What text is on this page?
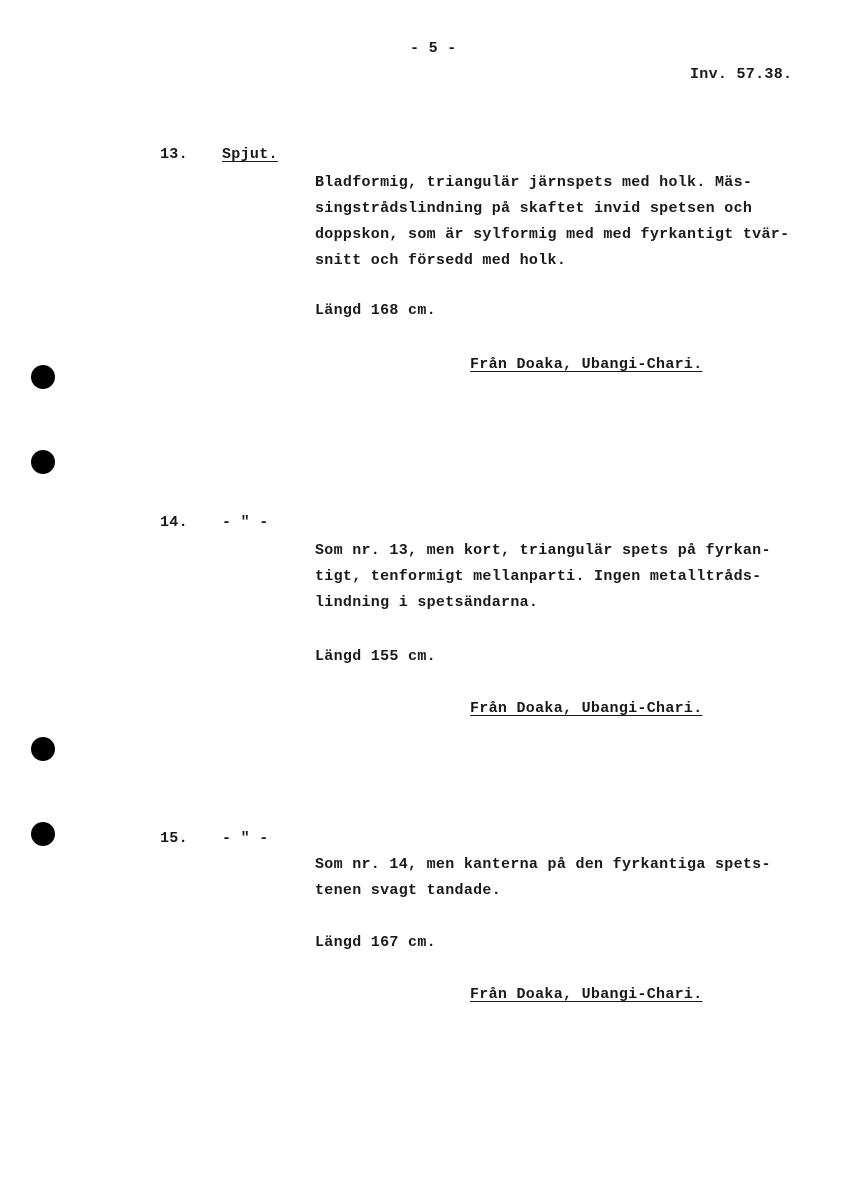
- 5 -
Inv. 57.38.
13. Spjut.
Bladformig, triangulär järnspets med holk. Mäs-
singstrådslindning på skaftet invid spetsen och
doppskon, som är sylformig med med fyrkantigt tvär-
snitt och försedd med holk.
Längd 168 cm.
Från Doaka, Ubangi-Chari.
14. - " -
Som nr. 13, men kort, triangulär spets på fyrkan-
tigt, tenformigt mellanparti. Ingen metalltråds-
lindning i spetsändarna.
Längd 155 cm.
Från Doaka, Ubangi-Chari.
15. - " -
Som nr. 14, men kanterna på den fyrkantiga spets-
tenen svagt tandade.
Längd 167 cm.
Från Doaka, Ubangi-Chari.
